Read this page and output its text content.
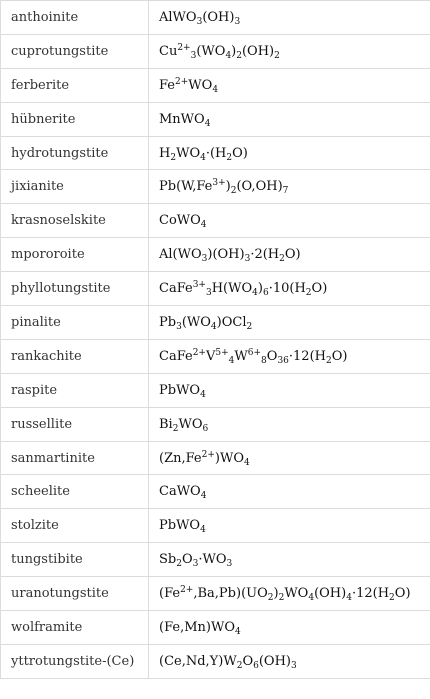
anthoinite	$AlWO_3(OH)_3$
cuprotungstite	$Cu^{2+}_3(WO_4)_2(OH)_2$
ferberite	$Fe^{2+}WO_4$
hübnerite	MnWO$_4$
hydrotungstite	$H_2WO_4\cdot(H_2O)$
jixianite	$Pb(W,Fe^{3+})_2(O,OH)_7$
krasnoselskite	CoWO$_4$
mpororoite	$Al(WO_3)(OH)_3\cdot 2(H_2O)$
phyllotungstite	$CaFe^{3+}_3H(WO_4)_6\cdot 10(H_2O)$
pinalite	$Pb_3(WO_4)OCl_2$
rankachite	$CaFe^{2+}V^{5+}_4W^{6+}_8O_{36}\cdot 12(H_2O)$
raspite	PbWO$_4$
russellite	$Bi_2WO_6$
sanmartinite	$(Zn,Fe^{2+})WO_4$
scheelite	CaWO$_4$
stolzite	PbWO$_4$
tungstibite	$Sb_2O_3\cdot WO_3$
uranotungstite	$(Fe^{2+},Ba,Pb)(UO_2)_2WO_4(OH)_4\cdot 12(H_2O)$
wolframite	$(Fe,Mn)WO_4$
yttrotungstite-(Ce)	$(Ce,Nd,Y)W_2O_6(OH)_3$
